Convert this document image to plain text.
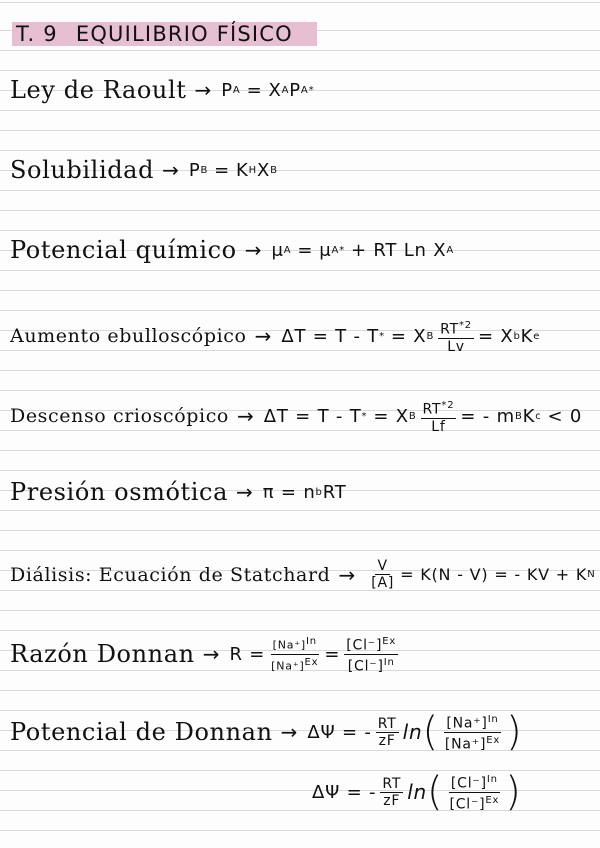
T. 9 EQUILIBRIO FÍSICO
Ley de Raoult → P A = X A P A *
Solubilidad → P B = K H X B
Potencial químico → μ A = μ A * + RT Ln X A
Aumento ebulloscópico → ΔT = T - T * = X B $\frac{RT^{*2}}{Lv} = X$ b K e
Descenso crioscópico → ΔT = T - T * = X B $\frac{RT^{*2}}{Lf}$ = - m B K c < 0
Presión osmótica → π = n b RT
Diálisis: Ecuación de Statchard → $\frac{V}{[A]} = K(N - V)$ = - KV + K N
Razón Donnan → $R = \frac{[Na^+]^{In}}{[Na^+]^{Ex}} = \frac{[Cl^-]^{Ex}}{[Cl^-]^{In}}$
Potencial de Donnan → ΔΨ = - $\frac{RT}{zF}$ ln ( $\frac{[Na^+]^{In}}{[Na^+]^{Ex}}$ )
ΔΨ = - $\frac{RT}{zF}$ ln ( $\frac{[Cl^-]^{In}}{[Cl^-]^{Ex}}$ )
